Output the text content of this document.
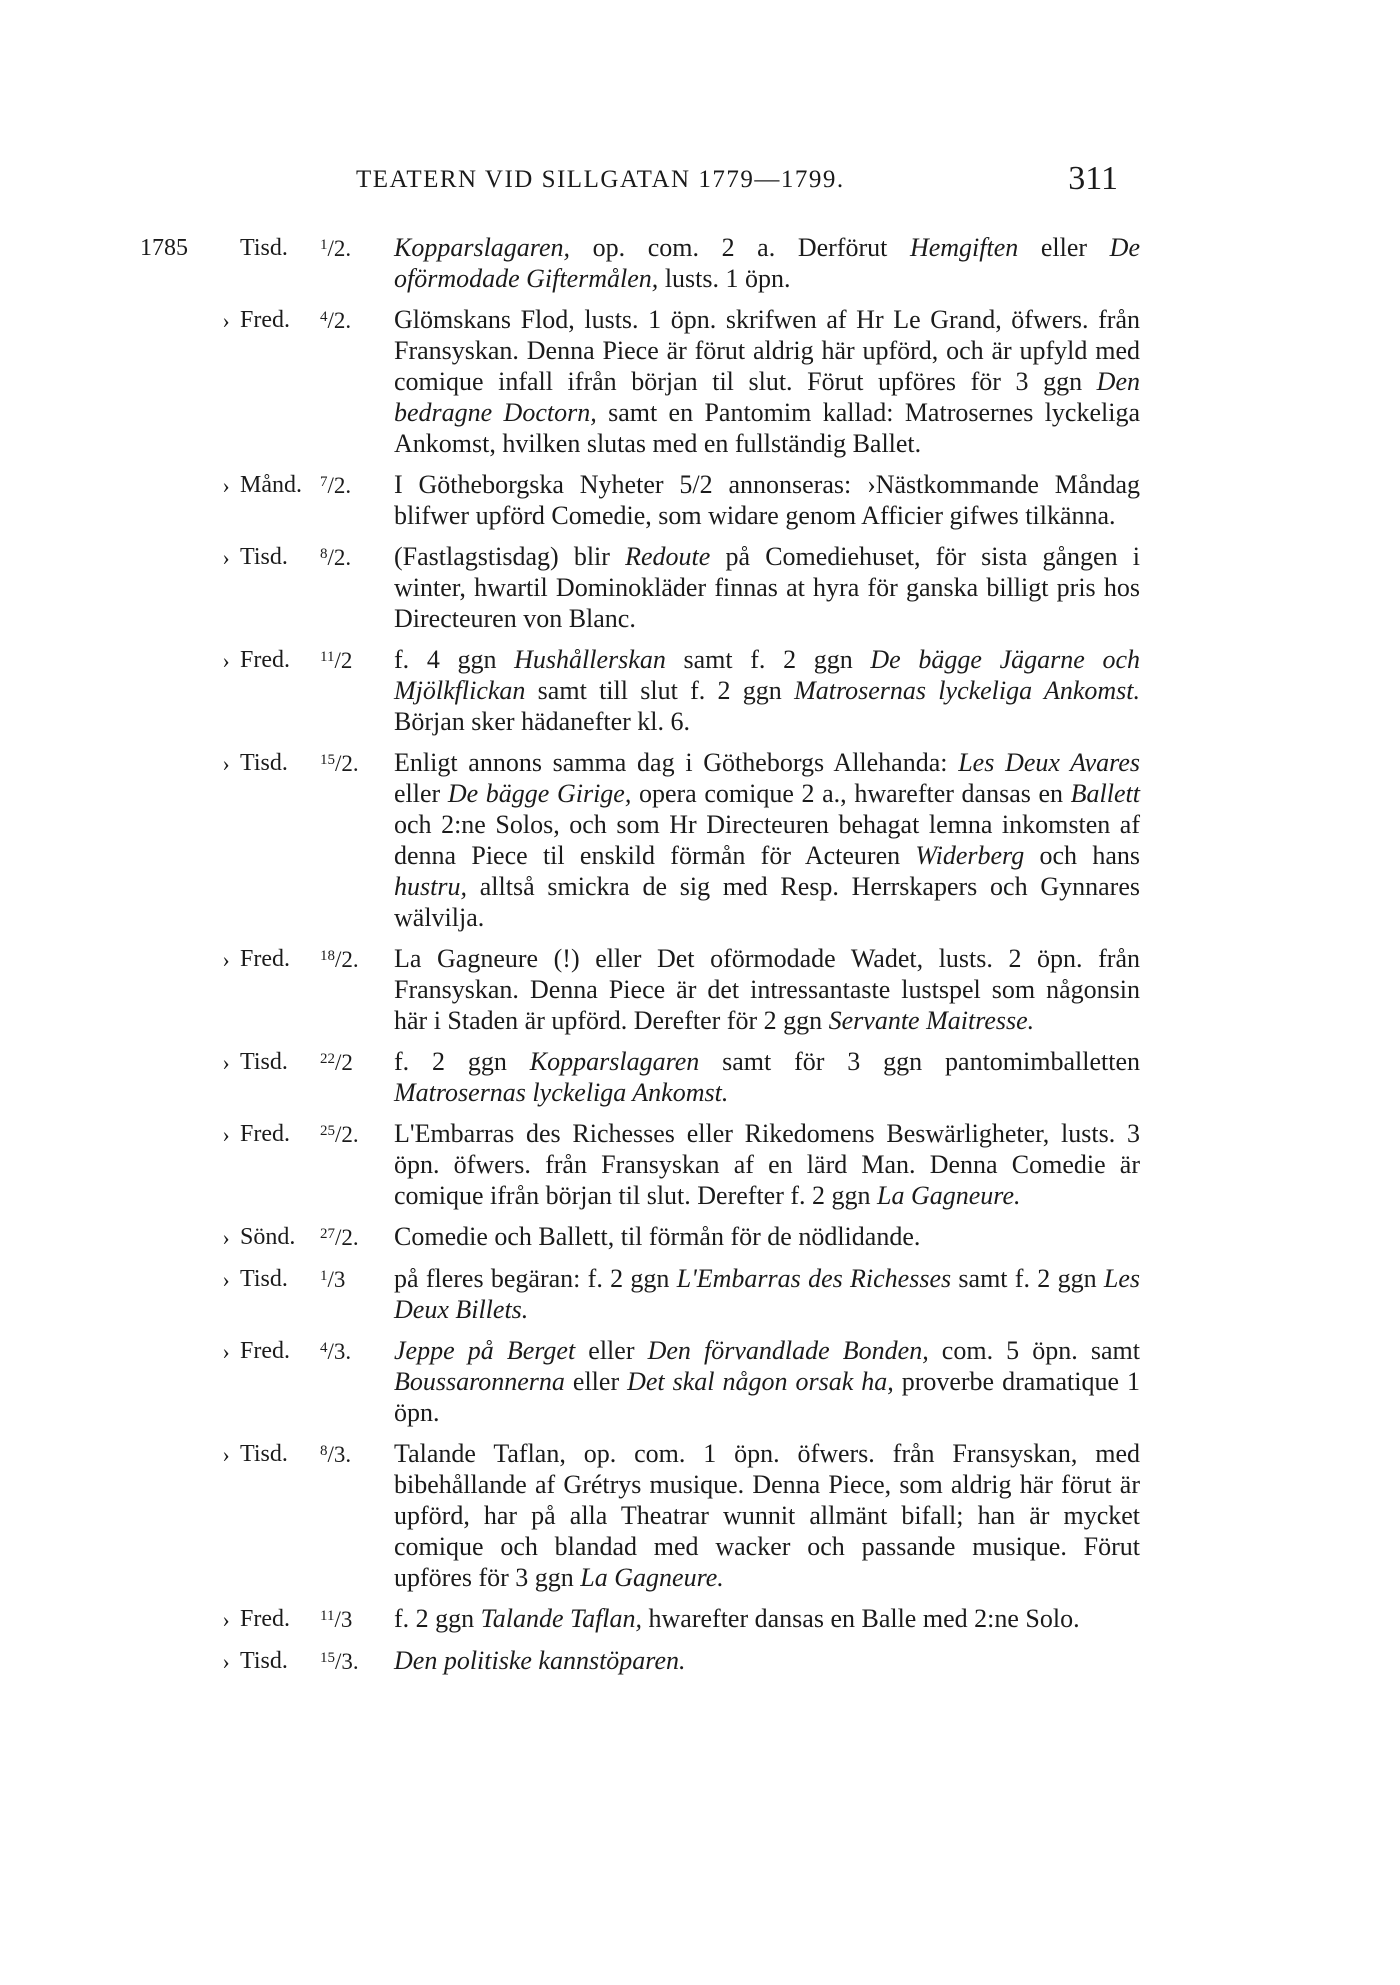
TEATERN VID SILLGATAN 1779—1799.	311
1785	Tisd.	$^1$/2.	Kopparslagaren, op. com. 2 a. Derförut Hemgiften eller De oförmodade Giftermålen, lusts. 1 öpn.
› Fred.	$^4$/2.	Glömskans Flod, lusts. 1 öpn. skrifwen af Hr Le Grand, öfwers. från Fransyskan. Denna Piece är förut aldrig här upförd, och är upfyld med comique infall ifrån början til slut. Förut upföres för 3 ggn Den bedragne Doctorn, samt en Pantomim kallad: Matrosernes lyckeliga Ankomst, hvilken slutas med en fullständig Ballet.
› Månd.	$^7$/2.	I Götheborgska Nyheter 5/2 annonseras: ›Nästkommande Måndag blifwer upförd Comedie, som widare genom Afficier gifwes tilkänna.
› Tisd.	$^8$/2.	(Fastlagstisdag) blir Redoute på Comediehuset, för sista gången i winter, hwartil Dominokläder finnas at hyra för ganska billigt pris hos Directeuren von Blanc.
› Fred.	$^{11}$/2	f. 4 ggn Hushållerskan samt f. 2 ggn De bägge Jägarne och Mjölkflickan samt till slut f. 2 ggn Matrosernas lyckeliga Ankomst. Början sker hädanefter kl. 6.
› Tisd.	$^{15}$/2.	Enligt annons samma dag i Götheborgs Allehanda: Les Deux Avares eller De bägge Girige, opera comique 2 a., hwarefter dansas en Ballett och 2:ne Solos, och som Hr Directeuren behagat lemna inkomsten af denna Piece til enskild förmån för Acteuren Widerberg och hans hustru, alltså smickra de sig med Resp. Herrskapers och Gynnares wälvilja.
› Fred.	$^{18}$/2.	La Gagneure (!) eller Det oförmodade Wadet, lusts. 2 öpn. från Fransyskan. Denna Piece är det intressantaste lustspel som någonsin här i Staden är upförd. Derefter för 2 ggn Servante Maitresse.
› Tisd.	$^{22}$/2	f. 2 ggn Kopparslagaren samt för 3 ggn pantomimballetten Matrosernas lyckeliga Ankomst.
› Fred.	$^{25}$/2.	L'Embarras des Richesses eller Rikedomens Beswärligheter, lusts. 3 öpn. öfwers. från Fransyskan af en lärd Man. Denna Comedie är comique ifrån början til slut. Derefter f. 2 ggn La Gagneure.
› Sönd.	$^{27}$/2.	Comedie och Ballett, til förmån för de nödlidande.
› Tisd.	$^1$/3	på fleres begäran: f. 2 ggn L'Embarras des Richesses samt f. 2 ggn Les Deux Billets.
› Fred.	$^4$/3.	Jeppe på Berget eller Den förvandlade Bonden, com. 5 öpn. samt Boussaronnerna eller Det skal någon orsak ha, proverbe dramatique 1 öpn.
› Tisd.	$^8$/3.	Talande Taflan, op. com. 1 öpn. öfwers. från Fransyskan, med bibehållande af Grétrys musique. Denna Piece, som aldrig här förut är upförd, har på alla Theatrar wunnit allmänt bifall; han är mycket comique och blandad med wacker och passande musique. Förut upföres för 3 ggn La Gagneure.
› Fred.	$^{11}$/3	f. 2 ggn Talande Taflan, hwarefter dansas en Balle med 2:ne Solo.
› Tisd.	$^{15}$/3.	Den politiske kannstöparen.
